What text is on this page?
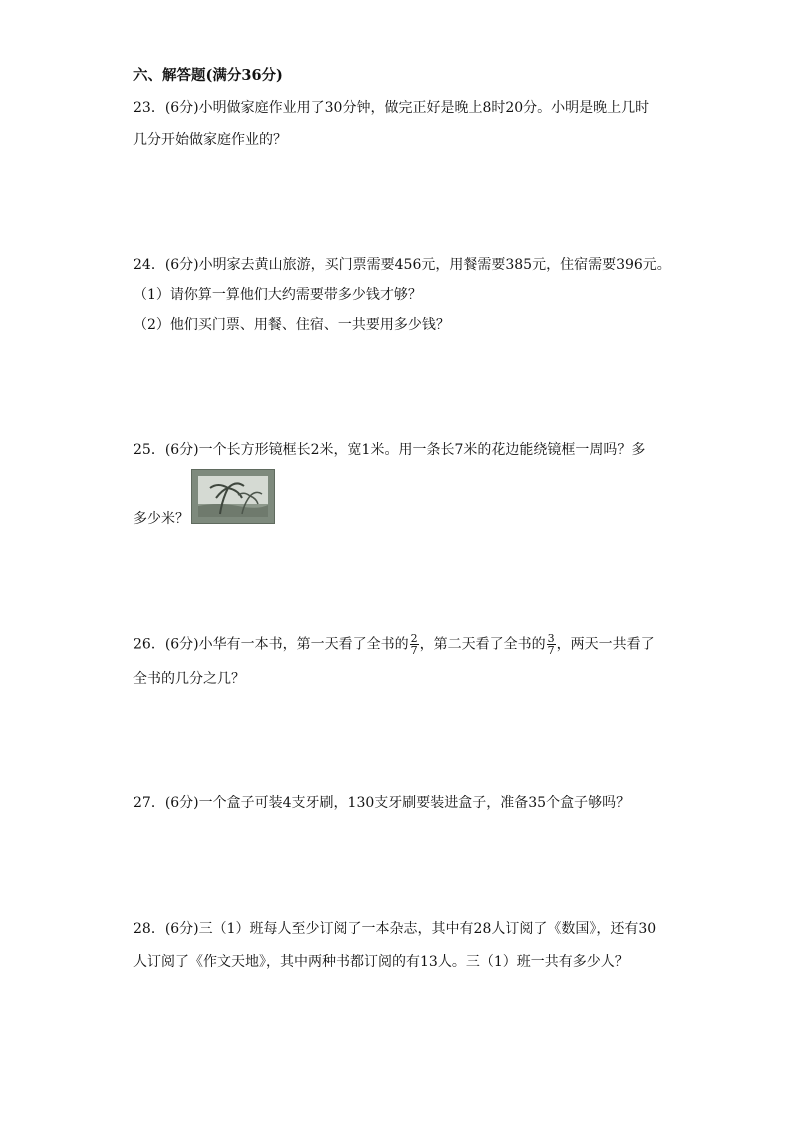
六、解答题(满分36分)
23．(6分)小明做家庭作业用了30分钟，做完正好是晚上8时20分。小明是晚上几时
几分开始做家庭作业的？
24．(6分)小明家去黄山旅游，买门票需要456元，用餐需要385元，住宿需要396元。
（1）请你算一算他们大约需要带多少钱才够？
（2）他们买门票、用餐、住宿、一共要用多少钱？
25．(6分)一个长方形镜框长2米，宽1米。用一条长7米的花边能绕镜框一周吗？多
多少米？
26．(6分)小华有一本书，第一天看了全书的 $\frac{2}{7}$ ，第二天看了全书的 $\frac{3}{7}$ ，两天一共看了
全书的几分之几？
27．(6分)一个盒子可装4支牙刷，130支牙刷要装进盒子，准备35个盒子够吗？
28．(6分)三（1）班每人至少订阅了一本杂志，其中有28人订阅了《数国》，还有30
人订阅了《作文天地》，其中两种书都订阅的有13人。三（1）班一共有多少人？
